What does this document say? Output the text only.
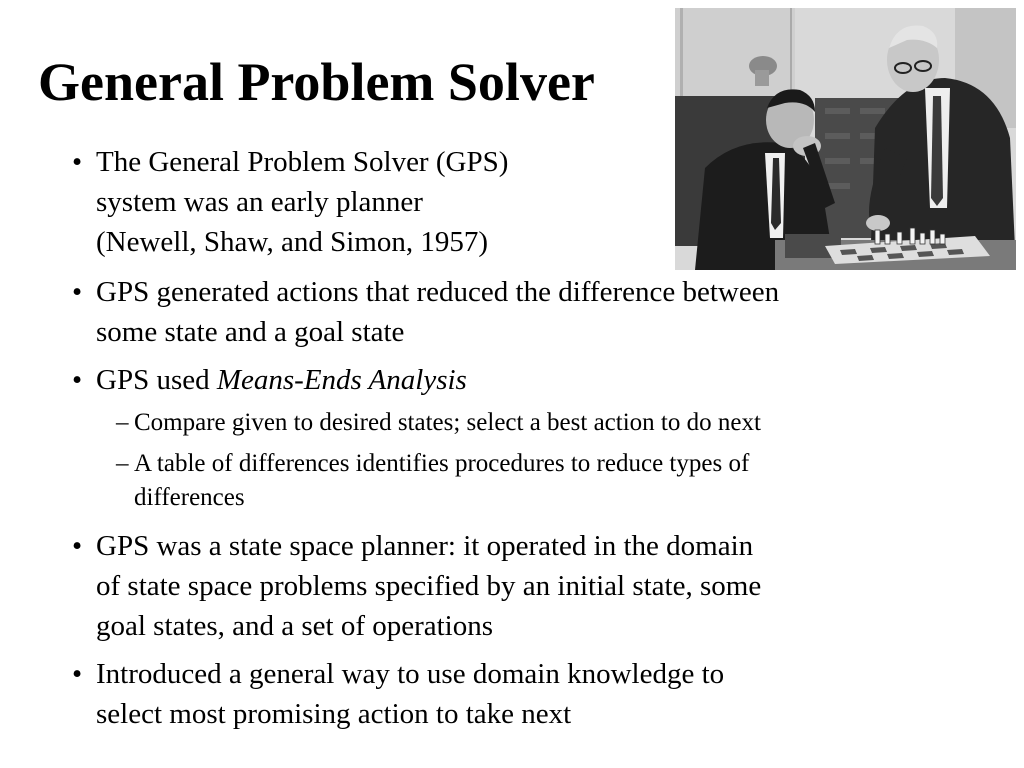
General Problem Solver
• The General Problem Solver (GPS)
system was an early planner
(Newell, Shaw, and Simon, 1957)
• GPS generated actions that reduced the difference between
some state and a goal state
• GPS used Means-Ends Analysis
– Compare given to desired states; select a best action to do next
– A table of differences identifies procedures to reduce types of
differences
• GPS was a state space planner: it operated in the domain
of state space problems specified by an initial state, some
goal states, and a set of operations
• Introduced a general way to use domain knowledge to
select most promising action to take next
